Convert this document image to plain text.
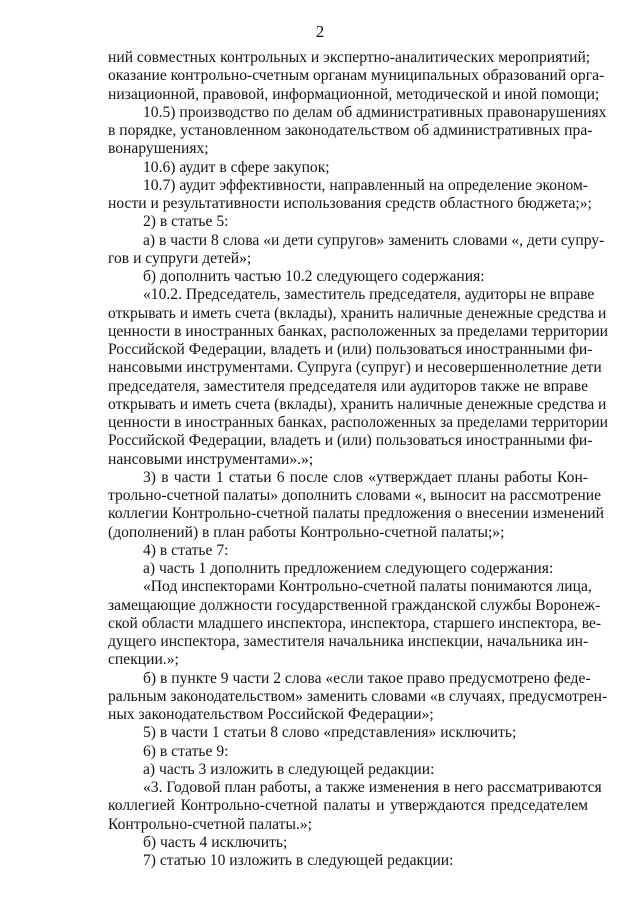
2
ний совместных контрольных и экспертно-аналитических мероприятий;
оказание контрольно-счетным органам муниципальных образований орга-
низационной, правовой, информационной, методической и иной помощи;
10.5) производство по делам об административных правонарушениях
в порядке, установленном законодательством об административных пра-
вонарушениях;
10.6) аудит в сфере закупок;
10.7) аудит эффективности, направленный на определение эконом-
ности и результативности использования средств областного бюджета;»;
2) в статье 5:
а) в части 8 слова «и дети супругов» заменить словами «, дети супру-
гов и супруги детей»;
б) дополнить частью 10.2 следующего содержания:
«10.2. Председатель, заместитель председателя, аудиторы не вправе
открывать и иметь счета (вклады), хранить наличные денежные средства и
ценности в иностранных банках, расположенных за пределами территории
Российской Федерации, владеть и (или) пользоваться иностранными фи-
нансовыми инструментами. Супруга (супруг) и несовершеннолетние дети
председателя, заместителя председателя или аудиторов также не вправе
открывать и иметь счета (вклады), хранить наличные денежные средства и
ценности в иностранных банках, расположенных за пределами территории
Российской Федерации, владеть и (или) пользоваться иностранными фи-
нансовыми инструментами».»;
3) в части 1 статьи 6 после слов «утверждает планы работы Кон-
трольно-счетной палаты» дополнить словами «, выносит на рассмотрение
коллегии Контрольно-счетной палаты предложения о внесении изменений
(дополнений) в план работы Контрольно-счетной палаты;»;
4) в статье 7:
а) часть 1 дополнить предложением следующего содержания:
«Под инспекторами Контрольно-счетной палаты понимаются лица,
замещающие должности государственной гражданской службы Воронеж-
ской области младшего инспектора, инспектора, старшего инспектора, ве-
дущего инспектора, заместителя начальника инспекции, начальника ин-
спекции.»;
б) в пункте 9 части 2 слова «если такое право предусмотрено феде-
ральным законодательством» заменить словами «в случаях, предусмотрен-
ных законодательством Российской Федерации»;
5) в части 1 статьи 8 слово «представления» исключить;
6) в статье 9:
а) часть 3 изложить в следующей редакции:
«3. Годовой план работы, а также изменения в него рассматриваются
коллегией Контрольно-счетной палаты и утверждаются председателем
Контрольно-счетной палаты.»;
б) часть 4 исключить;
7) статью 10 изложить в следующей редакции:
